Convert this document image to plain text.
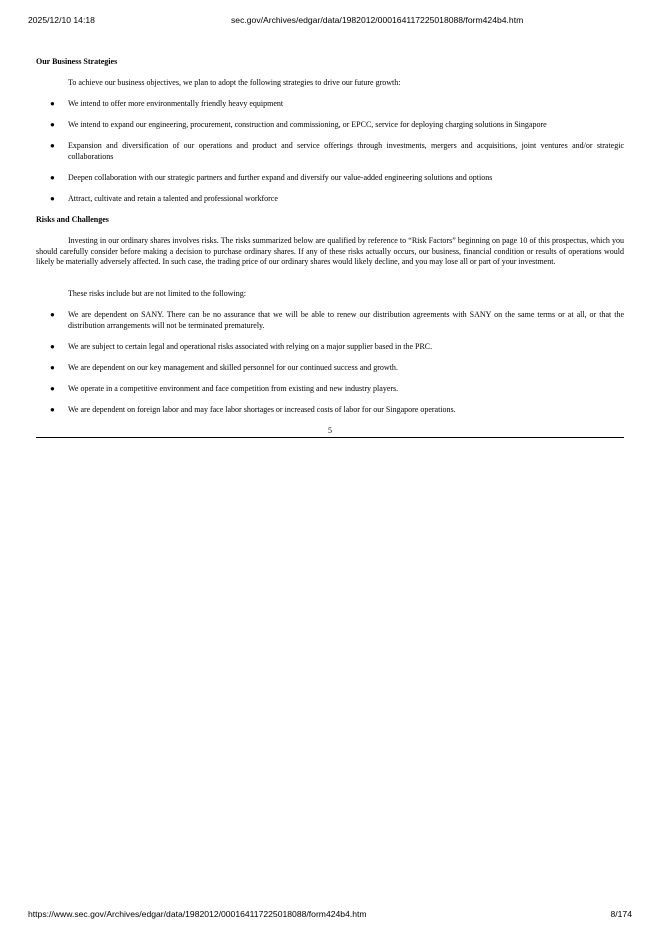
2025/12/10 14:18	sec.gov/Archives/edgar/data/1982012/000164117225018088/form424b4.htm
Our Business Strategies
To achieve our business objectives, we plan to adopt the following strategies to drive our future growth:
● We intend to offer more environmentally friendly heavy equipment
● We intend to expand our engineering, procurement, construction and commissioning, or EPCC, service for deploying charging solutions in Singapore
● Expansion and diversification of our operations and product and service offerings through investments, mergers and acquisitions, joint ventures and/or strategic collaborations
● Deepen collaboration with our strategic partners and further expand and diversify our value-added engineering solutions and options
● Attract, cultivate and retain a talented and professional workforce
Risks and Challenges
Investing in our ordinary shares involves risks. The risks summarized below are qualified by reference to “Risk Factors” beginning on page 10 of this prospectus, which you should carefully consider before making a decision to purchase ordinary shares. If any of these risks actually occurs, our business, financial condition or results of operations would likely be materially adversely affected. In such case, the trading price of our ordinary shares would likely decline, and you may lose all or part of your investment.
These risks include but are not limited to the following:
● We are dependent on SANY. There can be no assurance that we will be able to renew our distribution agreements with SANY on the same terms or at all, or that the distribution arrangements will not be terminated prematurely.
● We are subject to certain legal and operational risks associated with relying on a major supplier based in the PRC.
● We are dependent on our key management and skilled personnel for our continued success and growth.
● We operate in a competitive environment and face competition from existing and new industry players.
● We are dependent on foreign labor and may face labor shortages or increased costs of labor for our Singapore operations.
5
https://www.sec.gov/Archives/edgar/data/1982012/000164117225018088/form424b4.htm	8/174
